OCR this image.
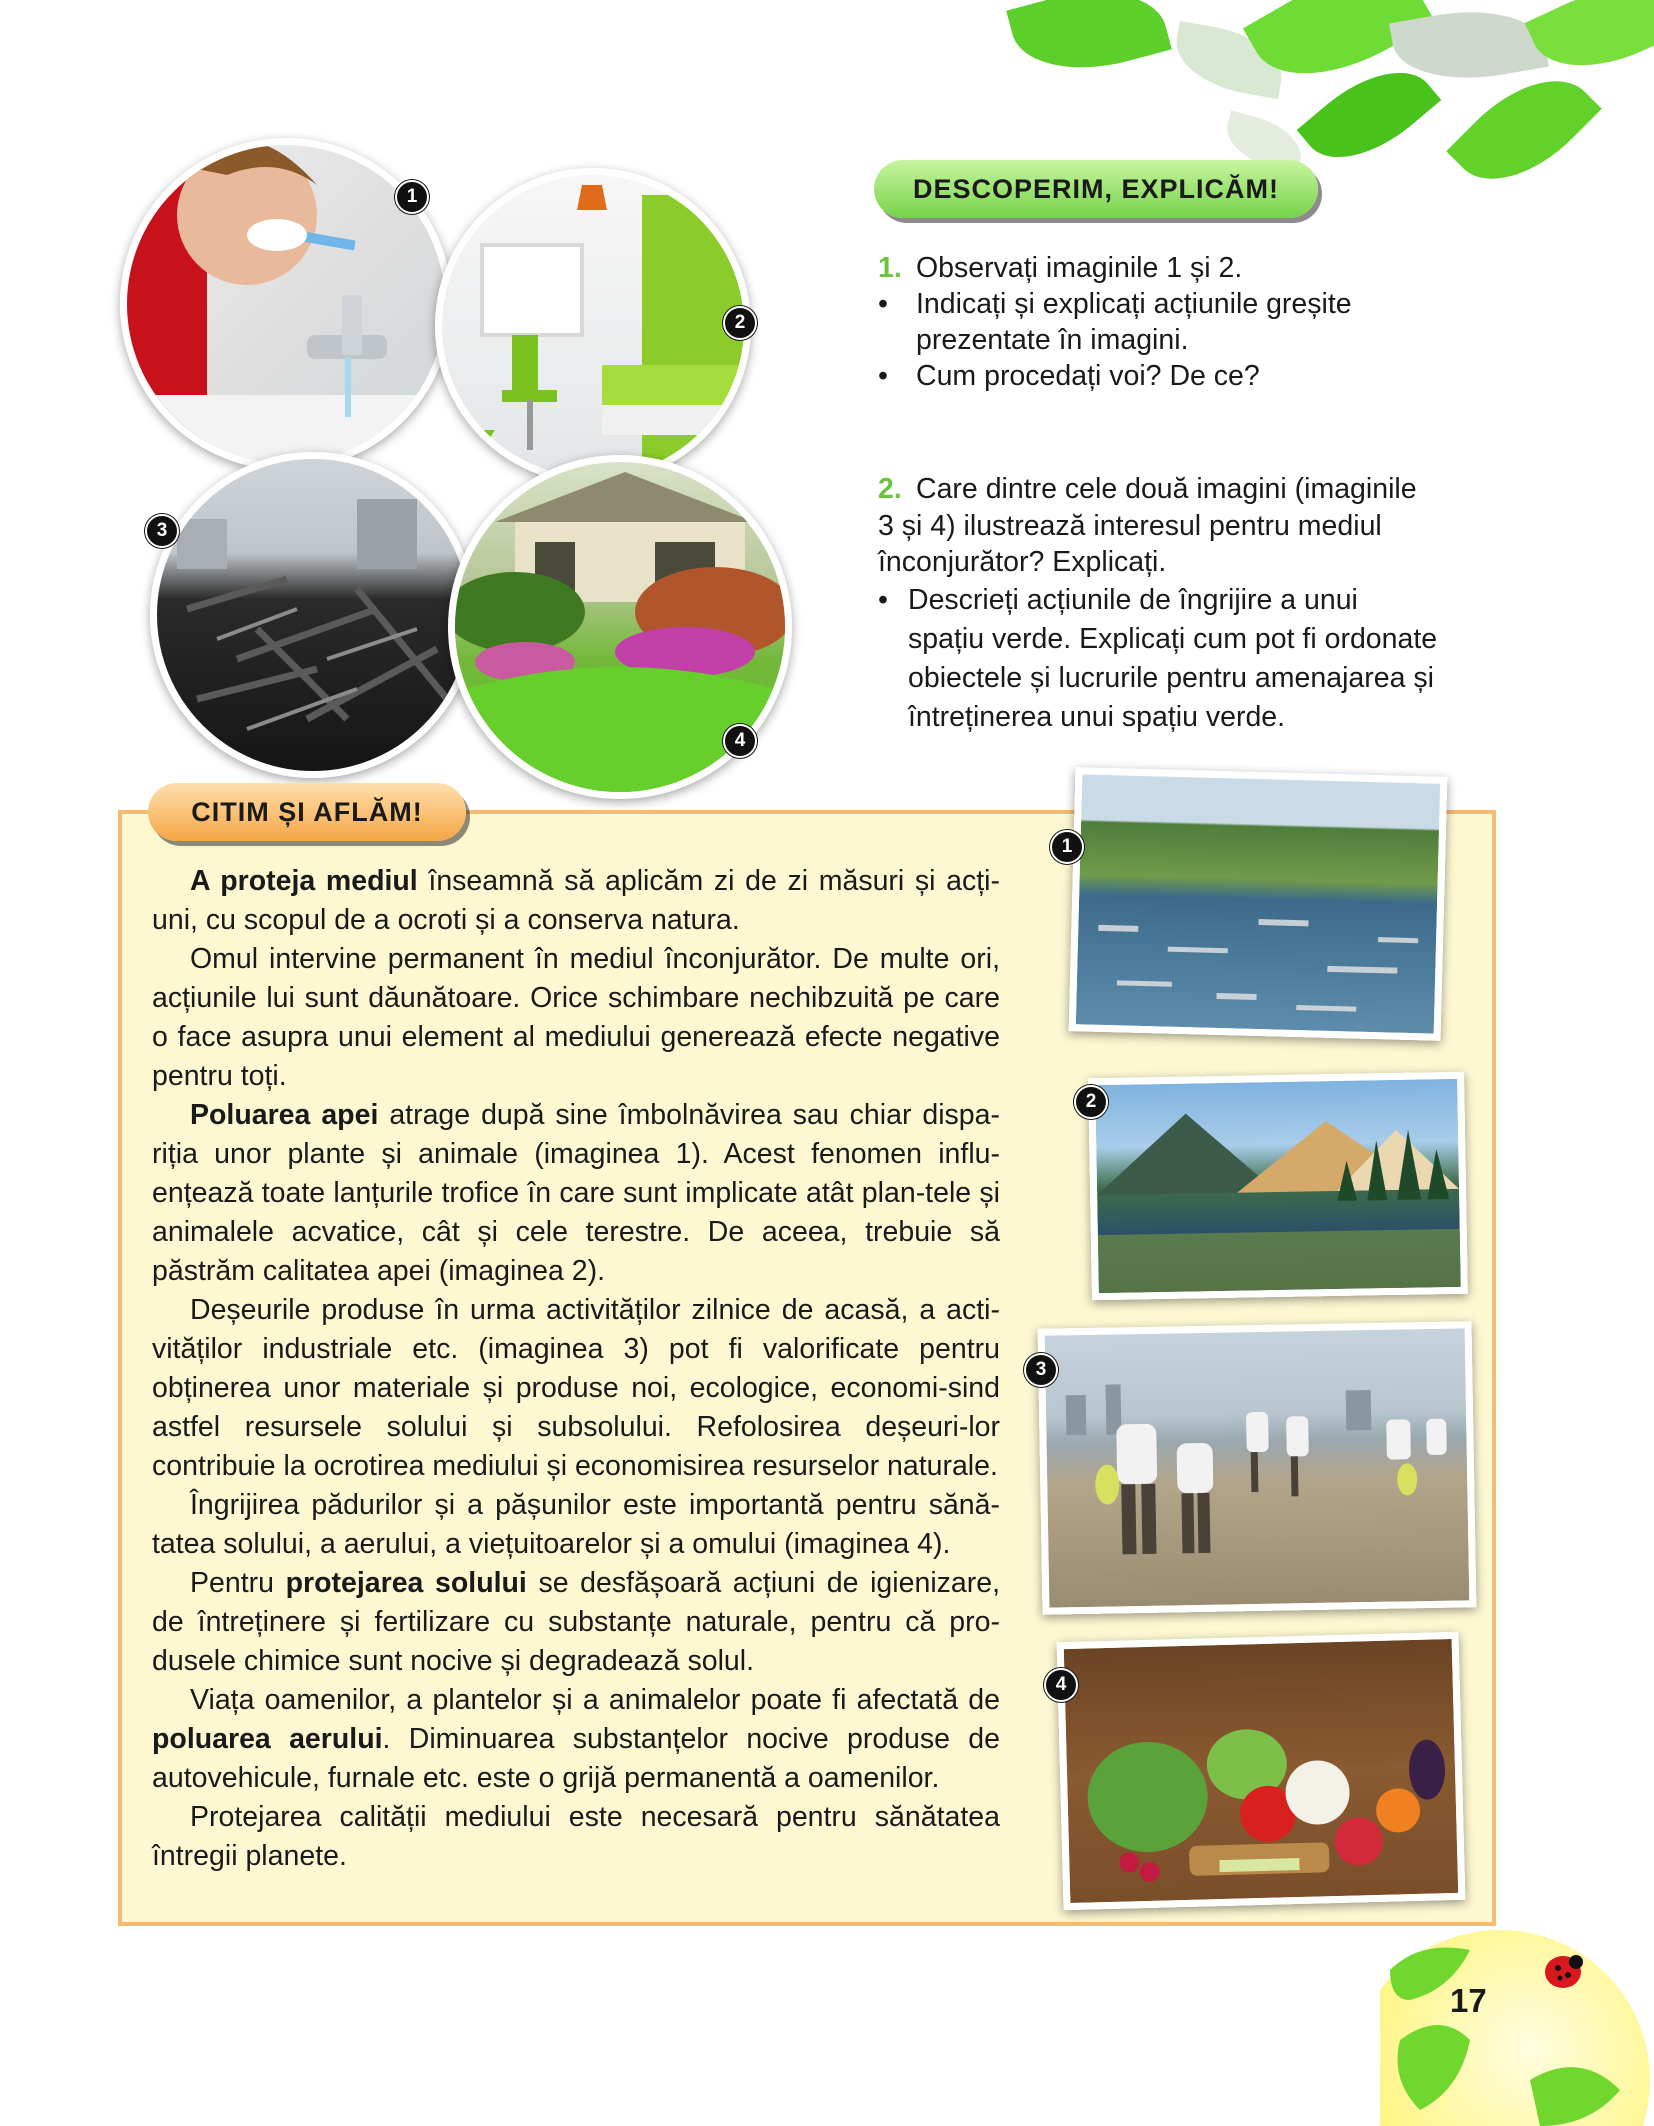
1
2
3
4
DESCOPERIM, EXPLICĂM!
1. Observați imaginile 1 și 2.
• Indicați și explicați acțiunile greșite
prezentate în imagini.
• Cum procedați voi? De ce?
2. Care dintre cele două imagini (imaginile
3 și 4) ilustrează interesul pentru mediul
înconjurător? Explicați.
• Descrieți acțiunile de îngrijire a unui
spațiu verde. Explicați cum pot fi ordonate
obiectele și lucrurile pentru amenajarea și
întreținerea unui spațiu verde.
CITIM ȘI AFLĂM!

A proteja mediul înseamnă să aplicăm zi de zi măsuri și acți-uni, cu scopul de a ocroti și a conserva natura.

Omul intervine permanent în mediul înconjurător. De multe ori, acțiunile lui sunt dăunătoare. Orice schimbare nechibzuită pe care o face asupra unui element al mediului generează efecte negative pentru toți.

Poluarea apei atrage după sine îmbolnăvirea sau chiar dispa-riția unor plante și animale (imaginea 1). Acest fenomen influ-ențează toate lanțurile trofice în care sunt implicate atât plan-tele și animalele acvatice, cât și cele terestre. De aceea, trebuie să păstrăm calitatea apei (imaginea 2).

Deșeurile produse în urma activităților zilnice de acasă, a acti-vităților industriale etc. (imaginea 3) pot fi valorificate pentru obținerea unor materiale și produse noi, ecologice, economi-sind astfel resursele solului și subsolului. Refolosirea deșeuri-lor contribuie la ocrotirea mediului și economisirea resurselor naturale.

Îngrijirea pădurilor și a pășunilor este importantă pentru sănă-tatea solului, a aerului, a viețuitoarelor și a omului (imaginea 4).

Pentru protejarea solului se desfășoară acțiuni de igienizare, de întreținere și fertilizare cu substanțe naturale, pentru că pro-dusele chimice sunt nocive și degradează solul.

Viața oamenilor, a plantelor și a animalelor poate fi afectată de poluarea aerului. Diminuarea substanțelor nocive produse de autovehicule, furnale etc. este o grijă permanentă a oamenilor.

Protejarea calității mediului este necesară pentru sănătatea întregii planete.

1
2
3
4
17
